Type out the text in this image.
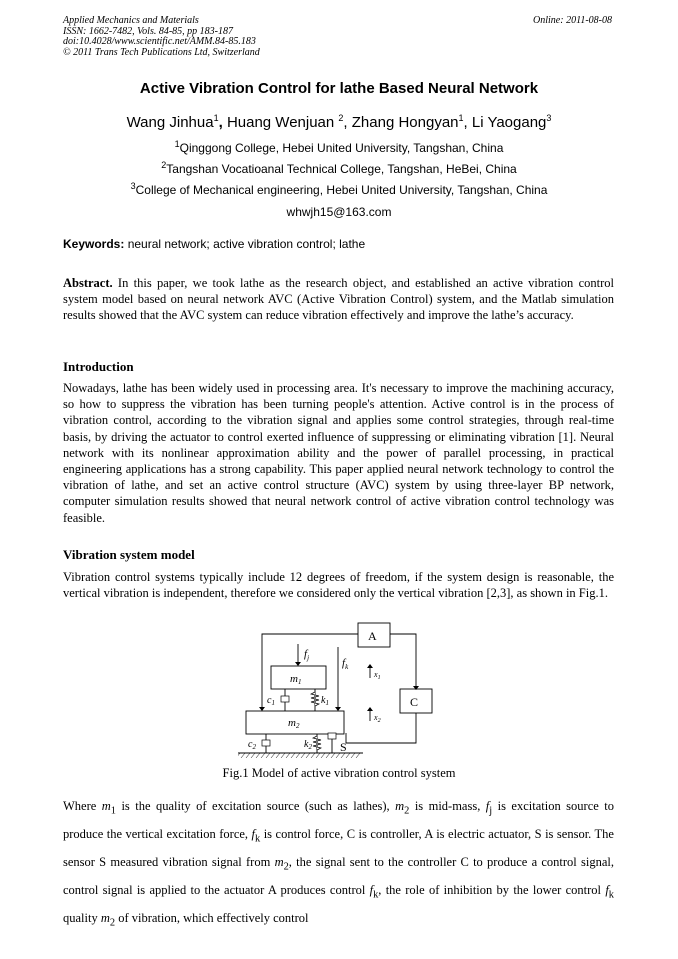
Applied Mechanics and Materials
ISSN: 1662-7482, Vols. 84-85, pp 183-187
doi:10.4028/www.scientific.net/AMM.84-85.183
© 2011 Trans Tech Publications Ltd, Switzerland
Online: 2011-08-08
Active Vibration Control for lathe Based Neural Network
Wang Jinhua$^1$, Huang Wenjuan $^2$, Zhang Hongyan$^1$, Li Yaogang$^3$
$^1$Qinggong College, Hebei United University, Tangshan, China
$^2$Tangshan Vocatioanal Technical College, Tangshan, HeBei, China
$^3$College of Mechanical engineering, Hebei United University, Tangshan, China
whwjh15@163.com
Keywords: neural network; active vibration control; lathe
Abstract. In this paper, we took lathe as the research object, and established an active vibration control system model based on neural network AVC (Active Vibration Control) system, and the Matlab simulation results showed that the AVC system can reduce vibration effectively and improve the lathe’s accuracy.
Introduction
Nowadays, lathe has been widely used in processing area. It's necessary to improve the machining accuracy, so how to suppress the vibration has been turning people's attention. Active control is in the process of vibration control, according to the vibration signal and applies some control strategies, through real-time basis, by driving the actuator to control exerted influence of suppressing or eliminating vibration [1]. Neural network with its nonlinear approximation ability and the power of parallel processing, in practical engineering applications has a strong capability. This paper applied neural network technology to control the vibration of lathe, and set an active control structure (AVC) system by using three-layer BP network, computer simulation results showed that neural network control of active vibration control technology was feasible.
Vibration system model
Vibration control systems typically include 12 degrees of freedom, if the system design is reasonable, the vertical vibration is independent, therefore we considered only the vertical vibration [2,3], as shown in Fig.1.
A
C
S
$f_j$	$f_k$
m1
m2
$c_1$	$k_1$
$c_2$	$k_2$
$x_1$
$x_2$
Fig.1 Model of active vibration control system
Where $m_1$ is the quality of excitation source (such as lathes), $m_2$ is mid-mass, $f_j$ is excitation source to produce the vertical excitation force, $f_k$ is control force, C is controller, A is electric actuator, S is sensor. The sensor S measured vibration signal from $m_2$, the signal sent to the controller C to produce a control signal, control signal is applied to the actuator A produces control $f_k$, the role of inhibition by the lower control $f_k$ quality $m_2$ of vibration, which effectively control
